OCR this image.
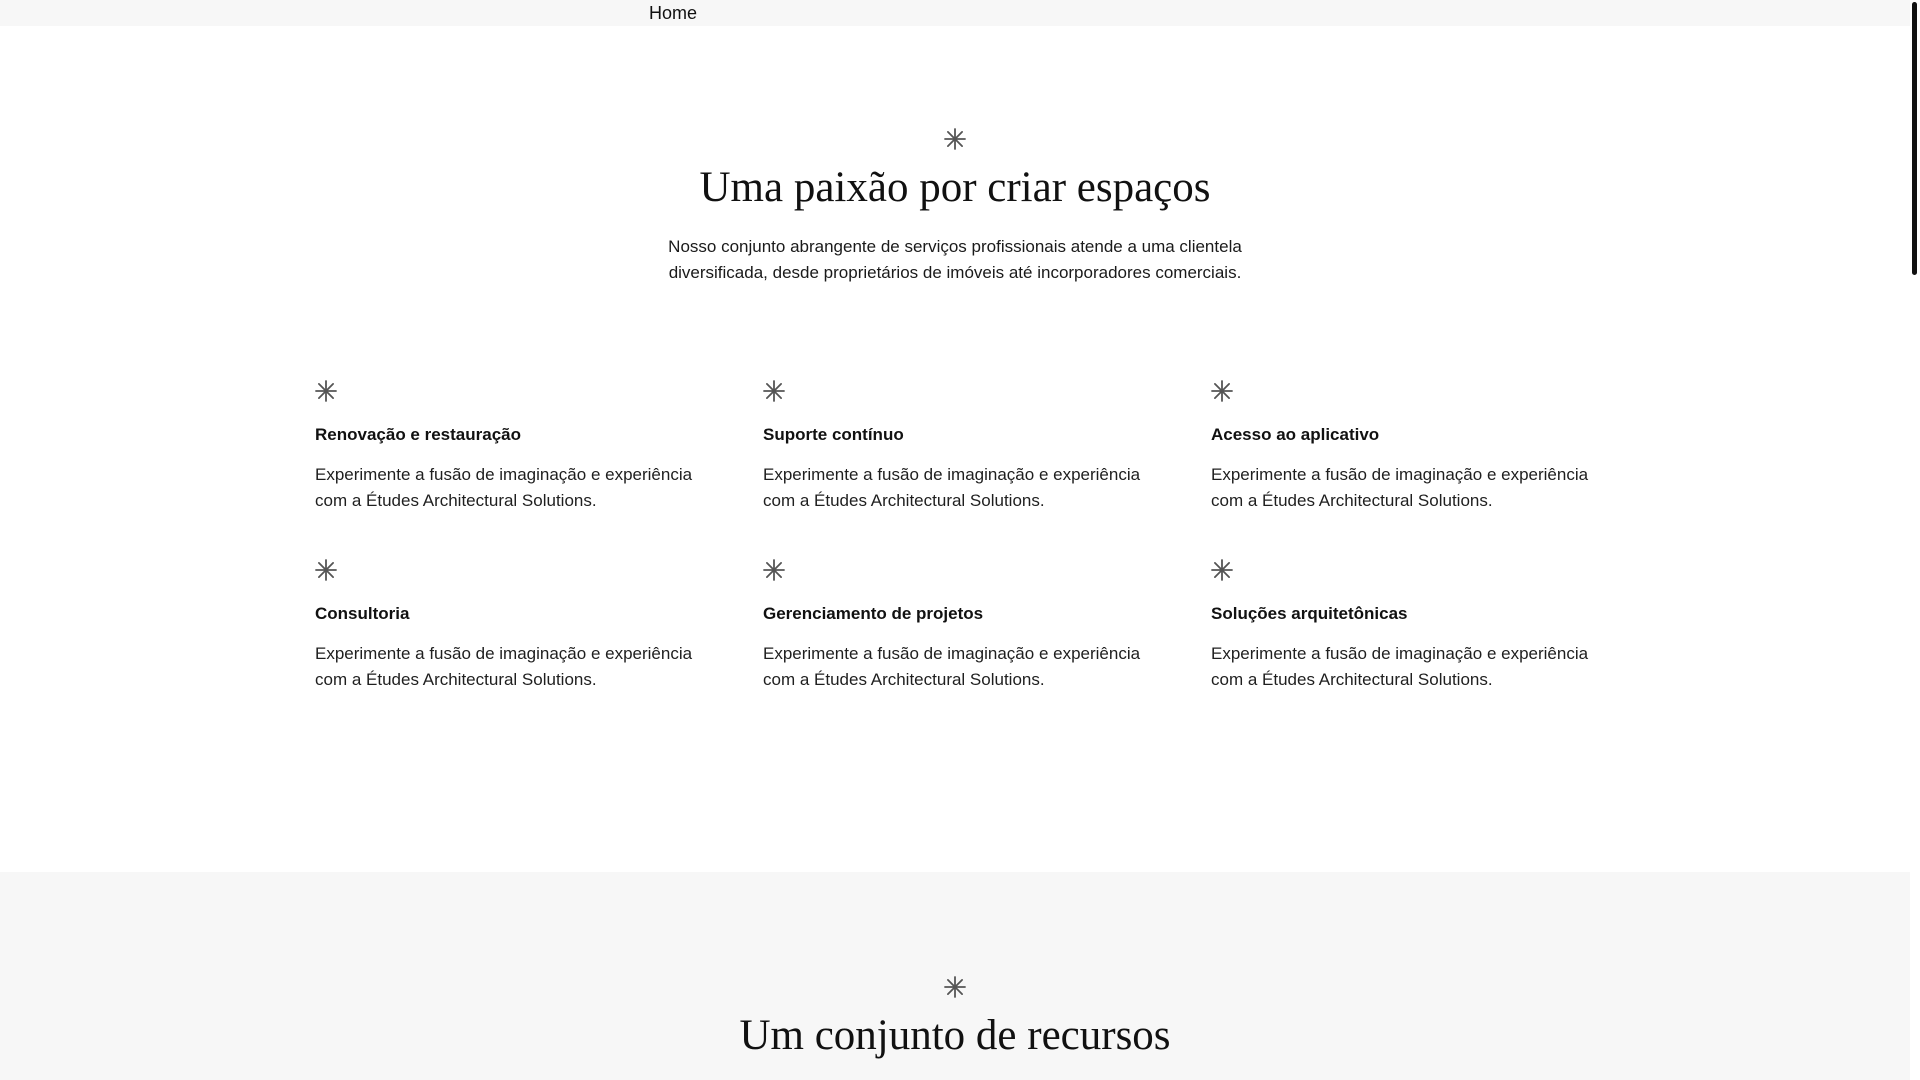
Home
Uma paixão por criar espaços

Nosso conjunto abrangente de serviços profissionais atende a uma clientela diversificada, desde proprietários de imóveis até incorporadores comerciais.

Renovação e restauração

Experimente a fusão de imaginação e experiência com a Études Architectural Solutions.

Suporte contínuo

Experimente a fusão de imaginação e experiência com a Études Architectural Solutions.

Acesso ao aplicativo

Experimente a fusão de imaginação e experiência com a Études Architectural Solutions.

Consultoria

Experimente a fusão de imaginação e experiência com a Études Architectural Solutions.

Gerenciamento de projetos

Experimente a fusão de imaginação e experiência com a Études Architectural Solutions.

Soluções arquitetônicas

Experimente a fusão de imaginação e experiência com a Études Architectural Solutions.

Um conjunto de recursos
